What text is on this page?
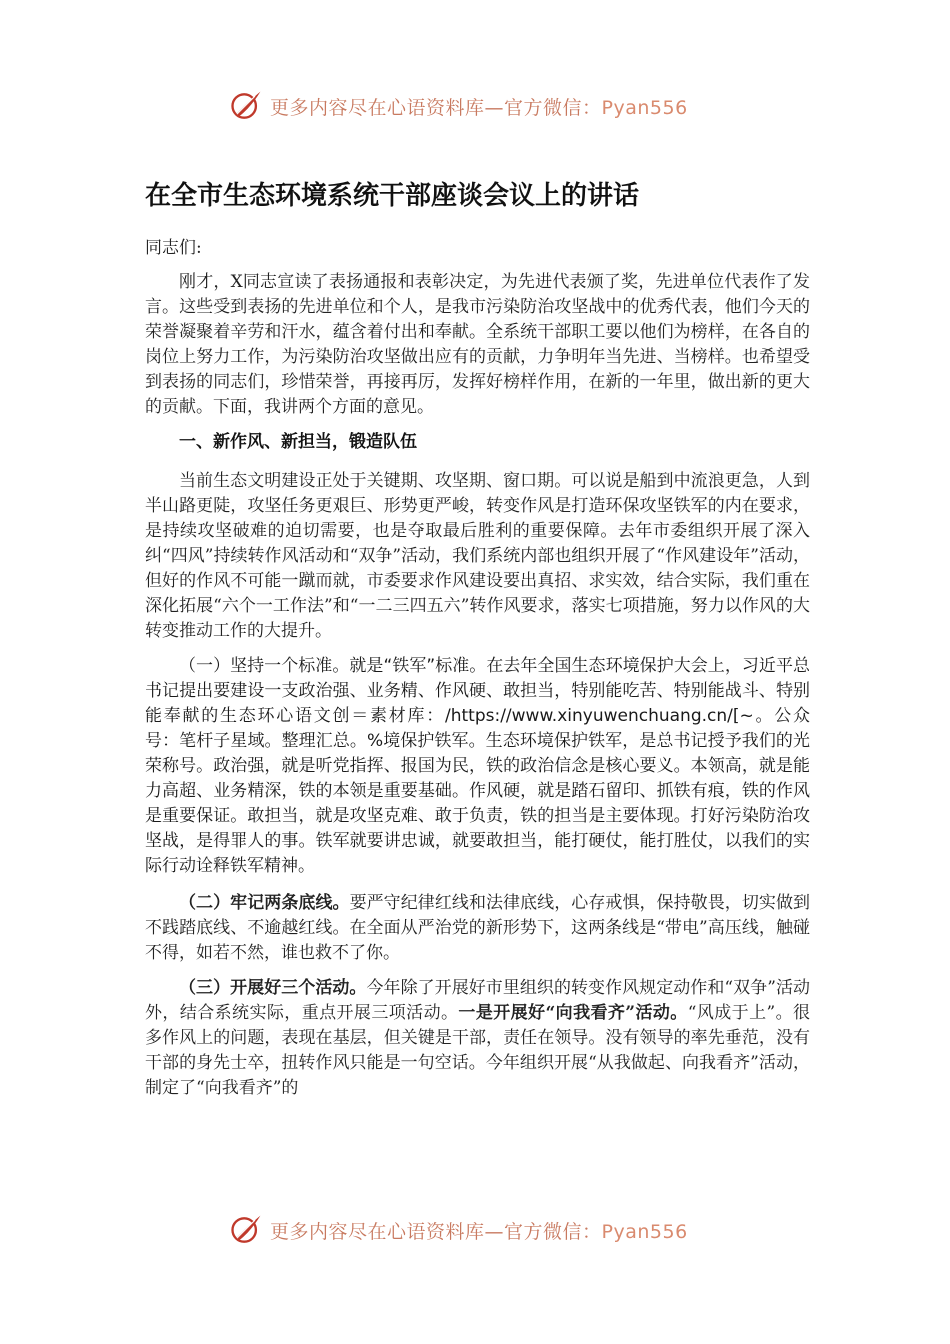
更多内容尽在心语资料库—官方微信：Pyan556
在全市生态环境系统干部座谈会议上的讲话

同志们:

刚才，X同志宣读了表扬通报和表彰决定，为先进代表颁了奖，先进单位代表作了发言。这些受到表扬的先进单位和个人，是我市污染防治攻坚战中的优秀代表，他们今天的荣誉凝聚着辛劳和汗水，蕴含着付出和奉献。全系统干部职工要以他们为榜样，在各自的岗位上努力工作，为污染防治攻坚做出应有的贡献，力争明年当先进、当榜样。也希望受到表扬的同志们，珍惜荣誉，再接再厉，发挥好榜样作用，在新的一年里，做出新的更大的贡献。下面，我讲两个方面的意见。

一、新作风、新担当，锻造队伍

当前生态文明建设正处于关键期、攻坚期、窗口期。可以说是船到中流浪更急，人到半山路更陡，攻坚任务更艰巨、形势更严峻，转变作风是打造环保攻坚铁军的内在要求，是持续攻坚破难的迫切需要，也是夺取最后胜利的重要保障。去年市委组织开展了深入纠“四风”持续转作风活动和“双争”活动，我们系统内部也组织开展了“作风建设年”活动，但好的作风不可能一蹴而就，市委要求作风建设要出真招、求实效，结合实际，我们重在深化拓展“六个一工作法”和“一二三四五六”转作风要求，落实七项措施，努力以作风的大转变推动工作的大提升。

（一）坚持一个标准。就是“铁军”标准。在去年全国生态环境保护大会上，习近平总书记提出要建设一支政治强、业务精、作风硬、敢担当，特别能吃苦、特别能战斗、特别能奉献的生态环心语文创＝素材库：/https://www.xinyuwenchuang.cn/[~。公众号：笔杆子星域。整理汇总。%境保护铁军。生态环境保护铁军，是总书记授予我们的光荣称号。政治强，就是听党指挥、报国为民，铁的政治信念是核心要义。本领高，就是能力高超、业务精深，铁的本领是重要基础。作风硬，就是踏石留印、抓铁有痕，铁的作风是重要保证。敢担当，就是攻坚克难、敢于负责，铁的担当是主要体现。打好污染防治攻坚战，是得罪人的事。铁军就要讲忠诚，就要敢担当，能打硬仗，能打胜仗，以我们的实际行动诠释铁军精神。

（二）牢记两条底线。要严守纪律红线和法律底线，心存戒惧，保持敬畏，切实做到不践踏底线、不逾越红线。在全面从严治党的新形势下，这两条线是“带电”高压线，触碰不得，如若不然，谁也救不了你。

（三）开展好三个活动。今年除了开展好市里组织的转变作风规定动作和“双争”活动外，结合系统实际，重点开展三项活动。一是开展好“向我看齐”活动。“风成于上”。很多作风上的问题，表现在基层，但关键是干部，责任在领导。没有领导的率先垂范，没有干部的身先士卒，扭转作风只能是一句空话。今年组织开展“从我做起、向我看齐”活动，制定了“向我看齐”的

更多内容尽在心语资料库—官方微信：Pyan556
